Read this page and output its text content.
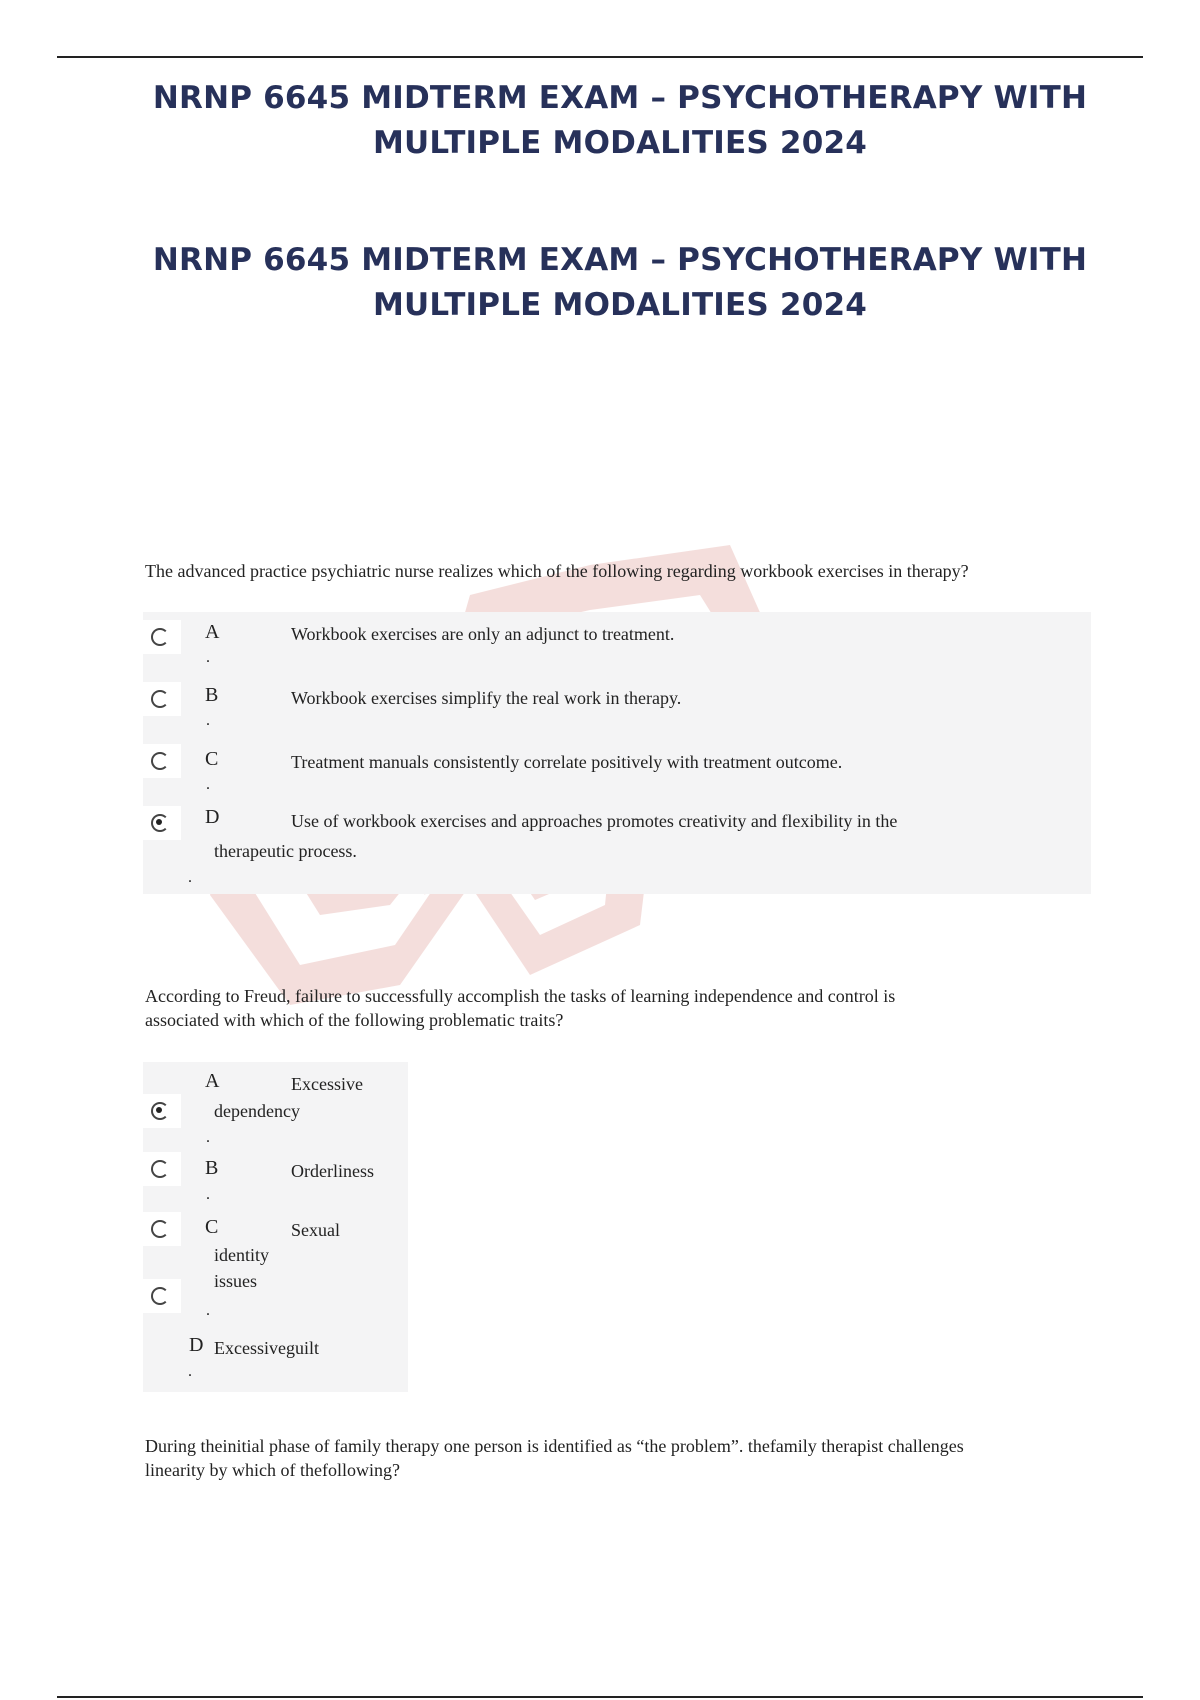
NRNP 6645 MIDTERM EXAM – PSYCHOTHERAPY WITH
MULTIPLE MODALITIES 2024
NRNP 6645 MIDTERM EXAM – PSYCHOTHERAPY WITH
MULTIPLE MODALITIES 2024
The advanced practice psychiatric nurse realizes which of the following regarding workbook exercises in therapy?
A
.
Workbook exercises are only an adjunct to treatment.
B
.
Workbook exercises simplify the real work in therapy.
C
.
Treatment manuals consistently correlate positively with treatment outcome.
D	Use of workbook exercises and approaches promotes creativity and flexibility in the
therapeutic process.
.
According to Freud, failure to successfully accomplish the tasks of learning independence and control is
associated with which of the following problematic traits?
A	Excessive
dependency
.
B	Orderliness
.
C	Sexual
identity
issues
.
D Excessiveguilt
.
During theinitial phase of family therapy one person is identified as “the problem”. thefamily therapist challenges
linearity by which of thefollowing?
